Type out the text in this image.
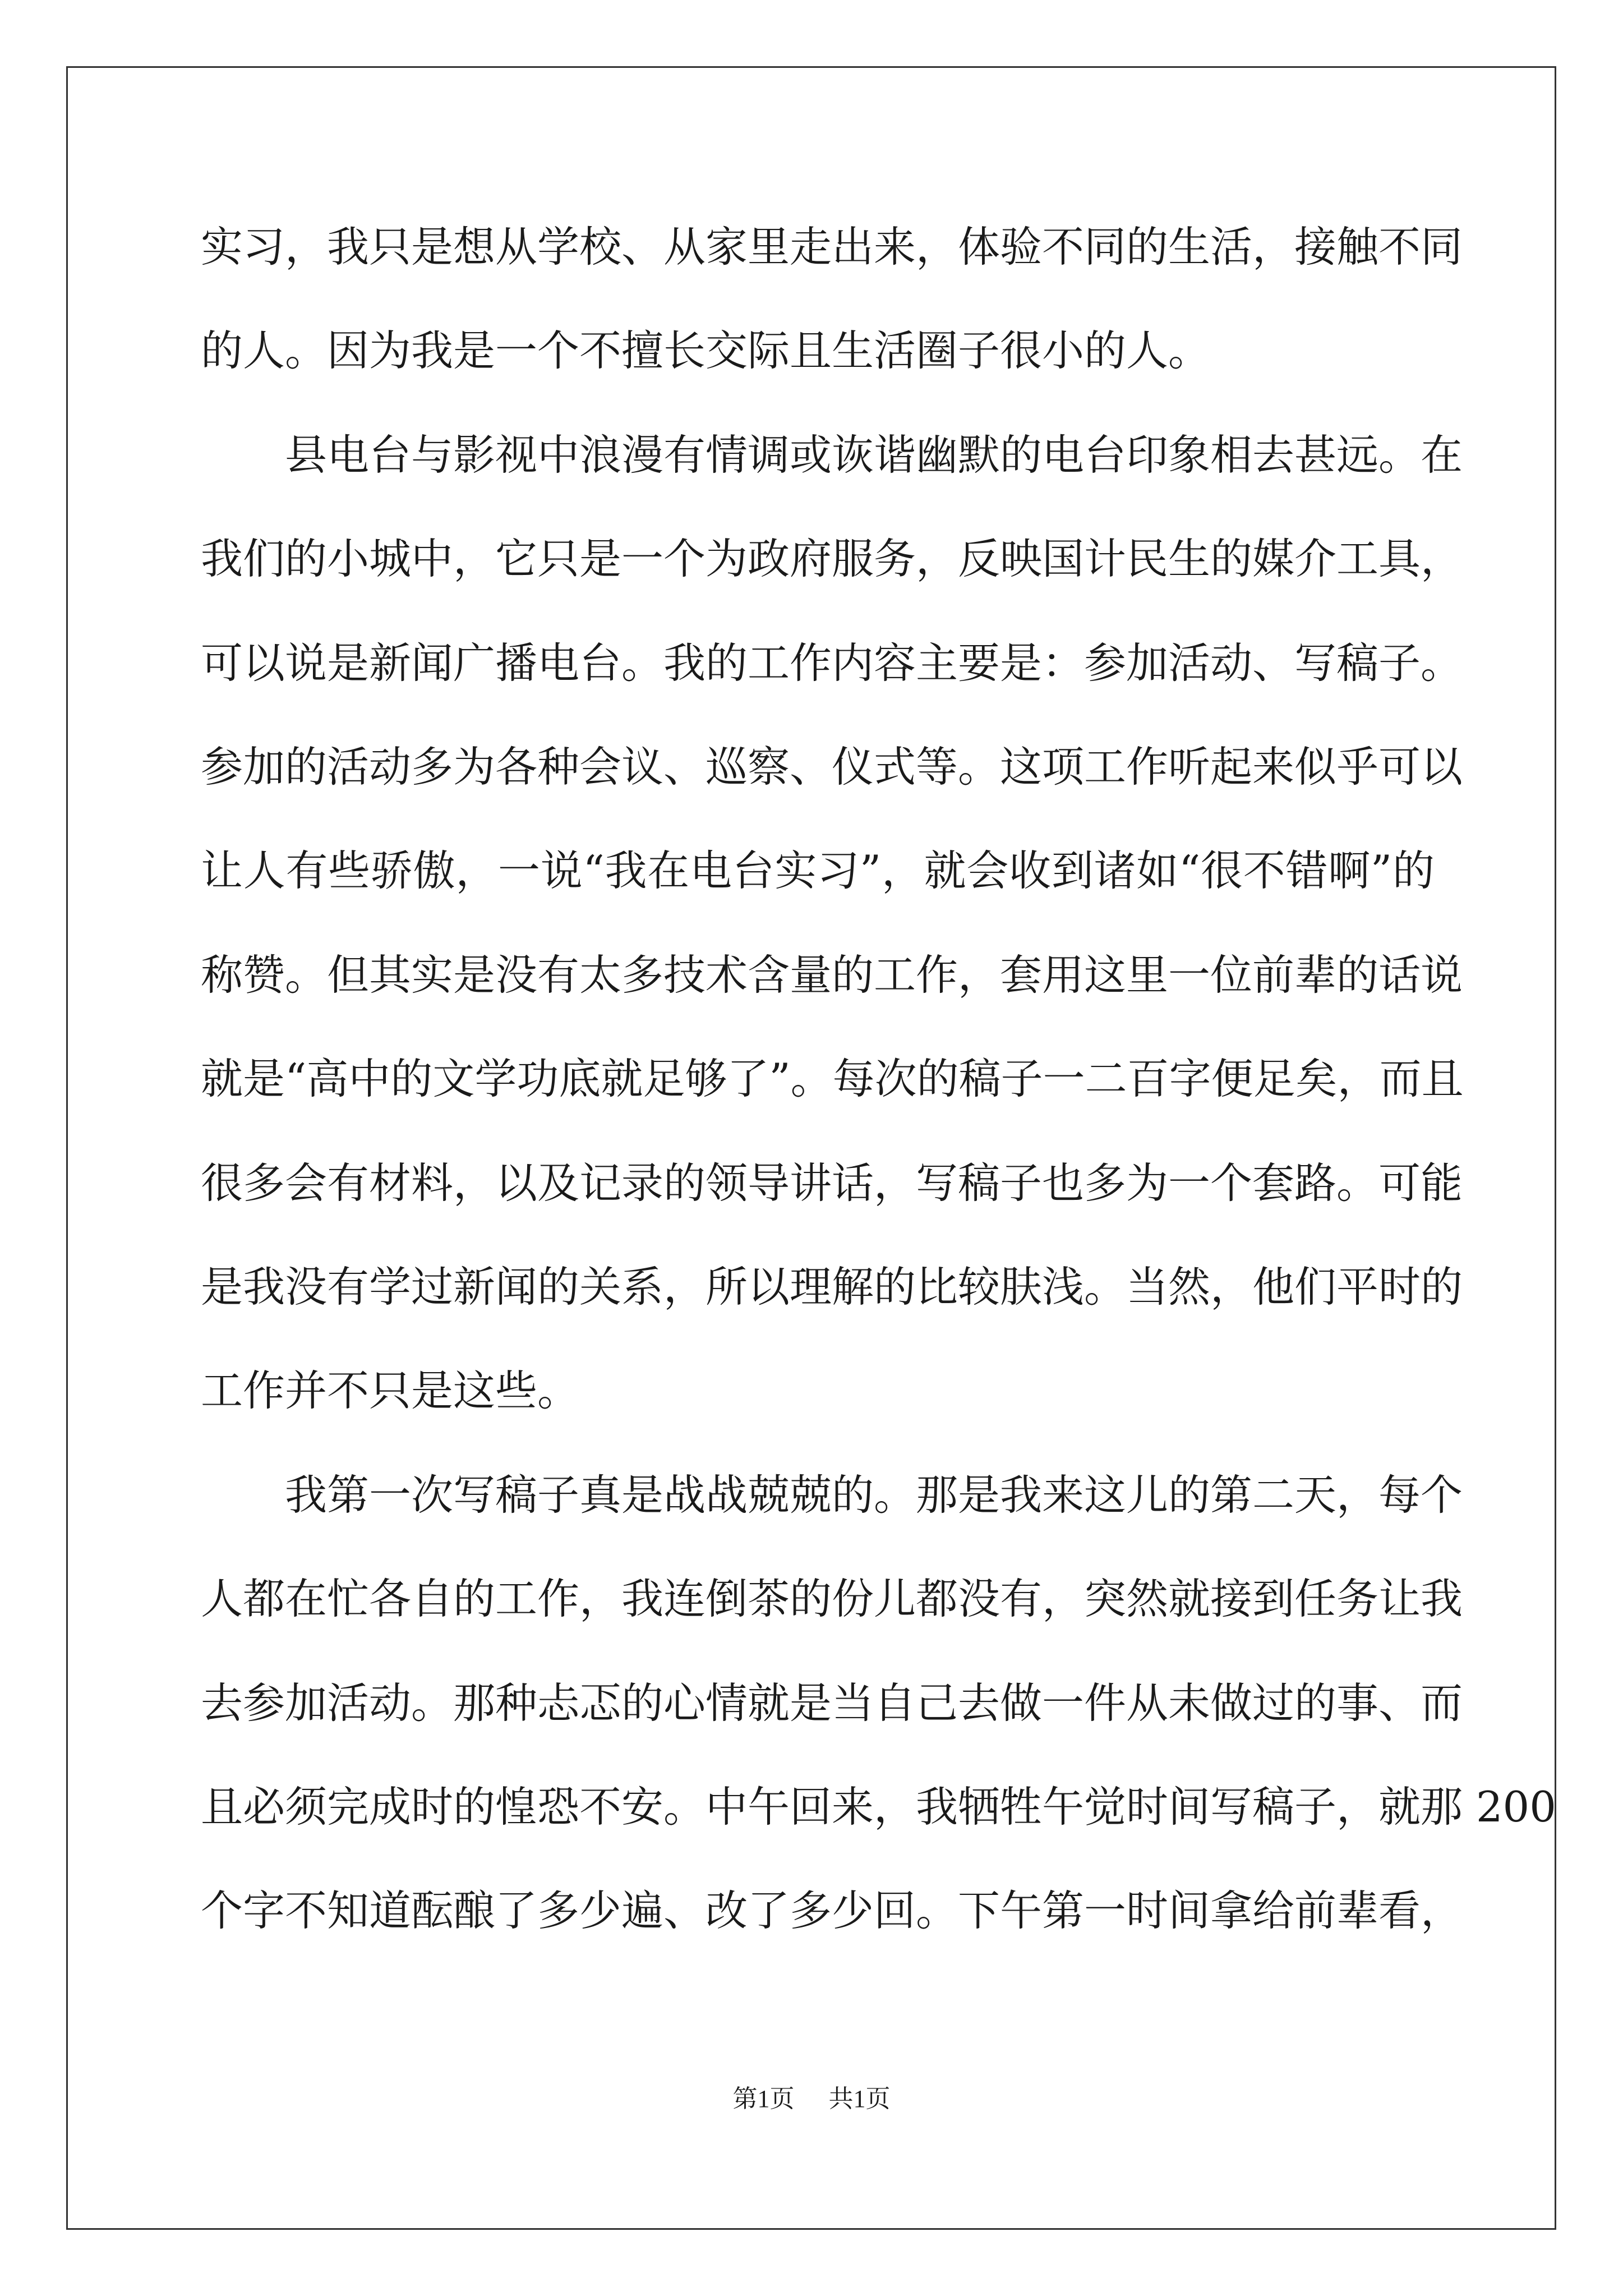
实习，我只是想从学校、从家里走出来，体验不同的生活，接触不同
的人。因为我是一个不擅长交际且生活圈子很小的人。
县电台与影视中浪漫有情调或诙谐幽默的电台印象相去甚远。在
我们的小城中，它只是一个为政府服务，反映国计民生的媒介工具，
可以说是新闻广播电台。我的工作内容主要是：参加活动、写稿子。
参加的活动多为各种会议、巡察、仪式等。这项工作听起来似乎可以
让人有些骄傲，一说“我在电台实习”，就会收到诸如“很不错啊”的
称赞。但其实是没有太多技术含量的工作，套用这里一位前辈的话说
就是“高中的文学功底就足够了”。每次的稿子一二百字便足矣，而且
很多会有材料，以及记录的领导讲话，写稿子也多为一个套路。可能
是我没有学过新闻的关系，所以理解的比较肤浅。当然，他们平时的
工作并不只是这些。
我第一次写稿子真是战战兢兢的。那是我来这儿的第二天，每个
人都在忙各自的工作，我连倒茶的份儿都没有，突然就接到任务让我
去参加活动。那种忐忑的心情就是当自己去做一件从未做过的事、而
且必须完成时的惶恐不安。中午回来，我牺牲午觉时间写稿子，就那 200
个字不知道酝酿了多少遍、改了多少回。下午第一时间拿给前辈看，
第1页 共1页
